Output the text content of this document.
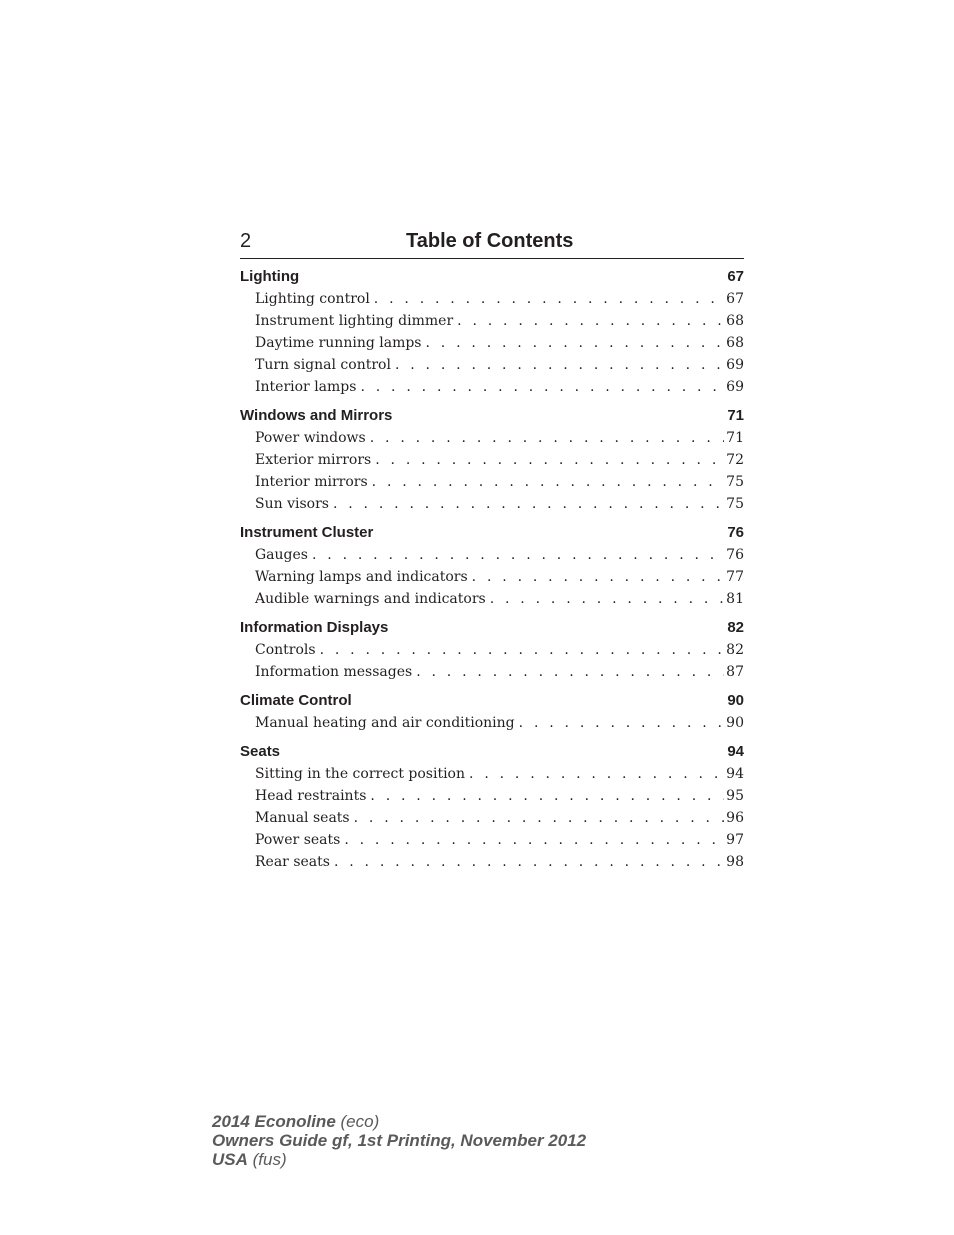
2	Table of Contents
Lighting	67
Lighting control . . .	67
Instrument lighting dimmer . . .	68
Daytime running lamps . . .	68
Turn signal control . . .	69
Interior lamps . . .	69
Windows and Mirrors	71
Power windows . . .	71
Exterior mirrors . . .	72
Interior mirrors . . .	75
Sun visors . . .	75
Instrument Cluster	76
Gauges . . .	76
Warning lamps and indicators . . .	77
Audible warnings and indicators . . .	81
Information Displays	82
Controls . . .	82
Information messages . . .	87
Climate Control	90
Manual heating and air conditioning . . .	90
Seats	94
Sitting in the correct position . . .	94
Head restraints . . .	95
Manual seats . . .	96
Power seats . . .	97
Rear seats . . .	98
2014 Econoline (eco)
Owners Guide gf, 1st Printing, November 2012
USA (fus)
